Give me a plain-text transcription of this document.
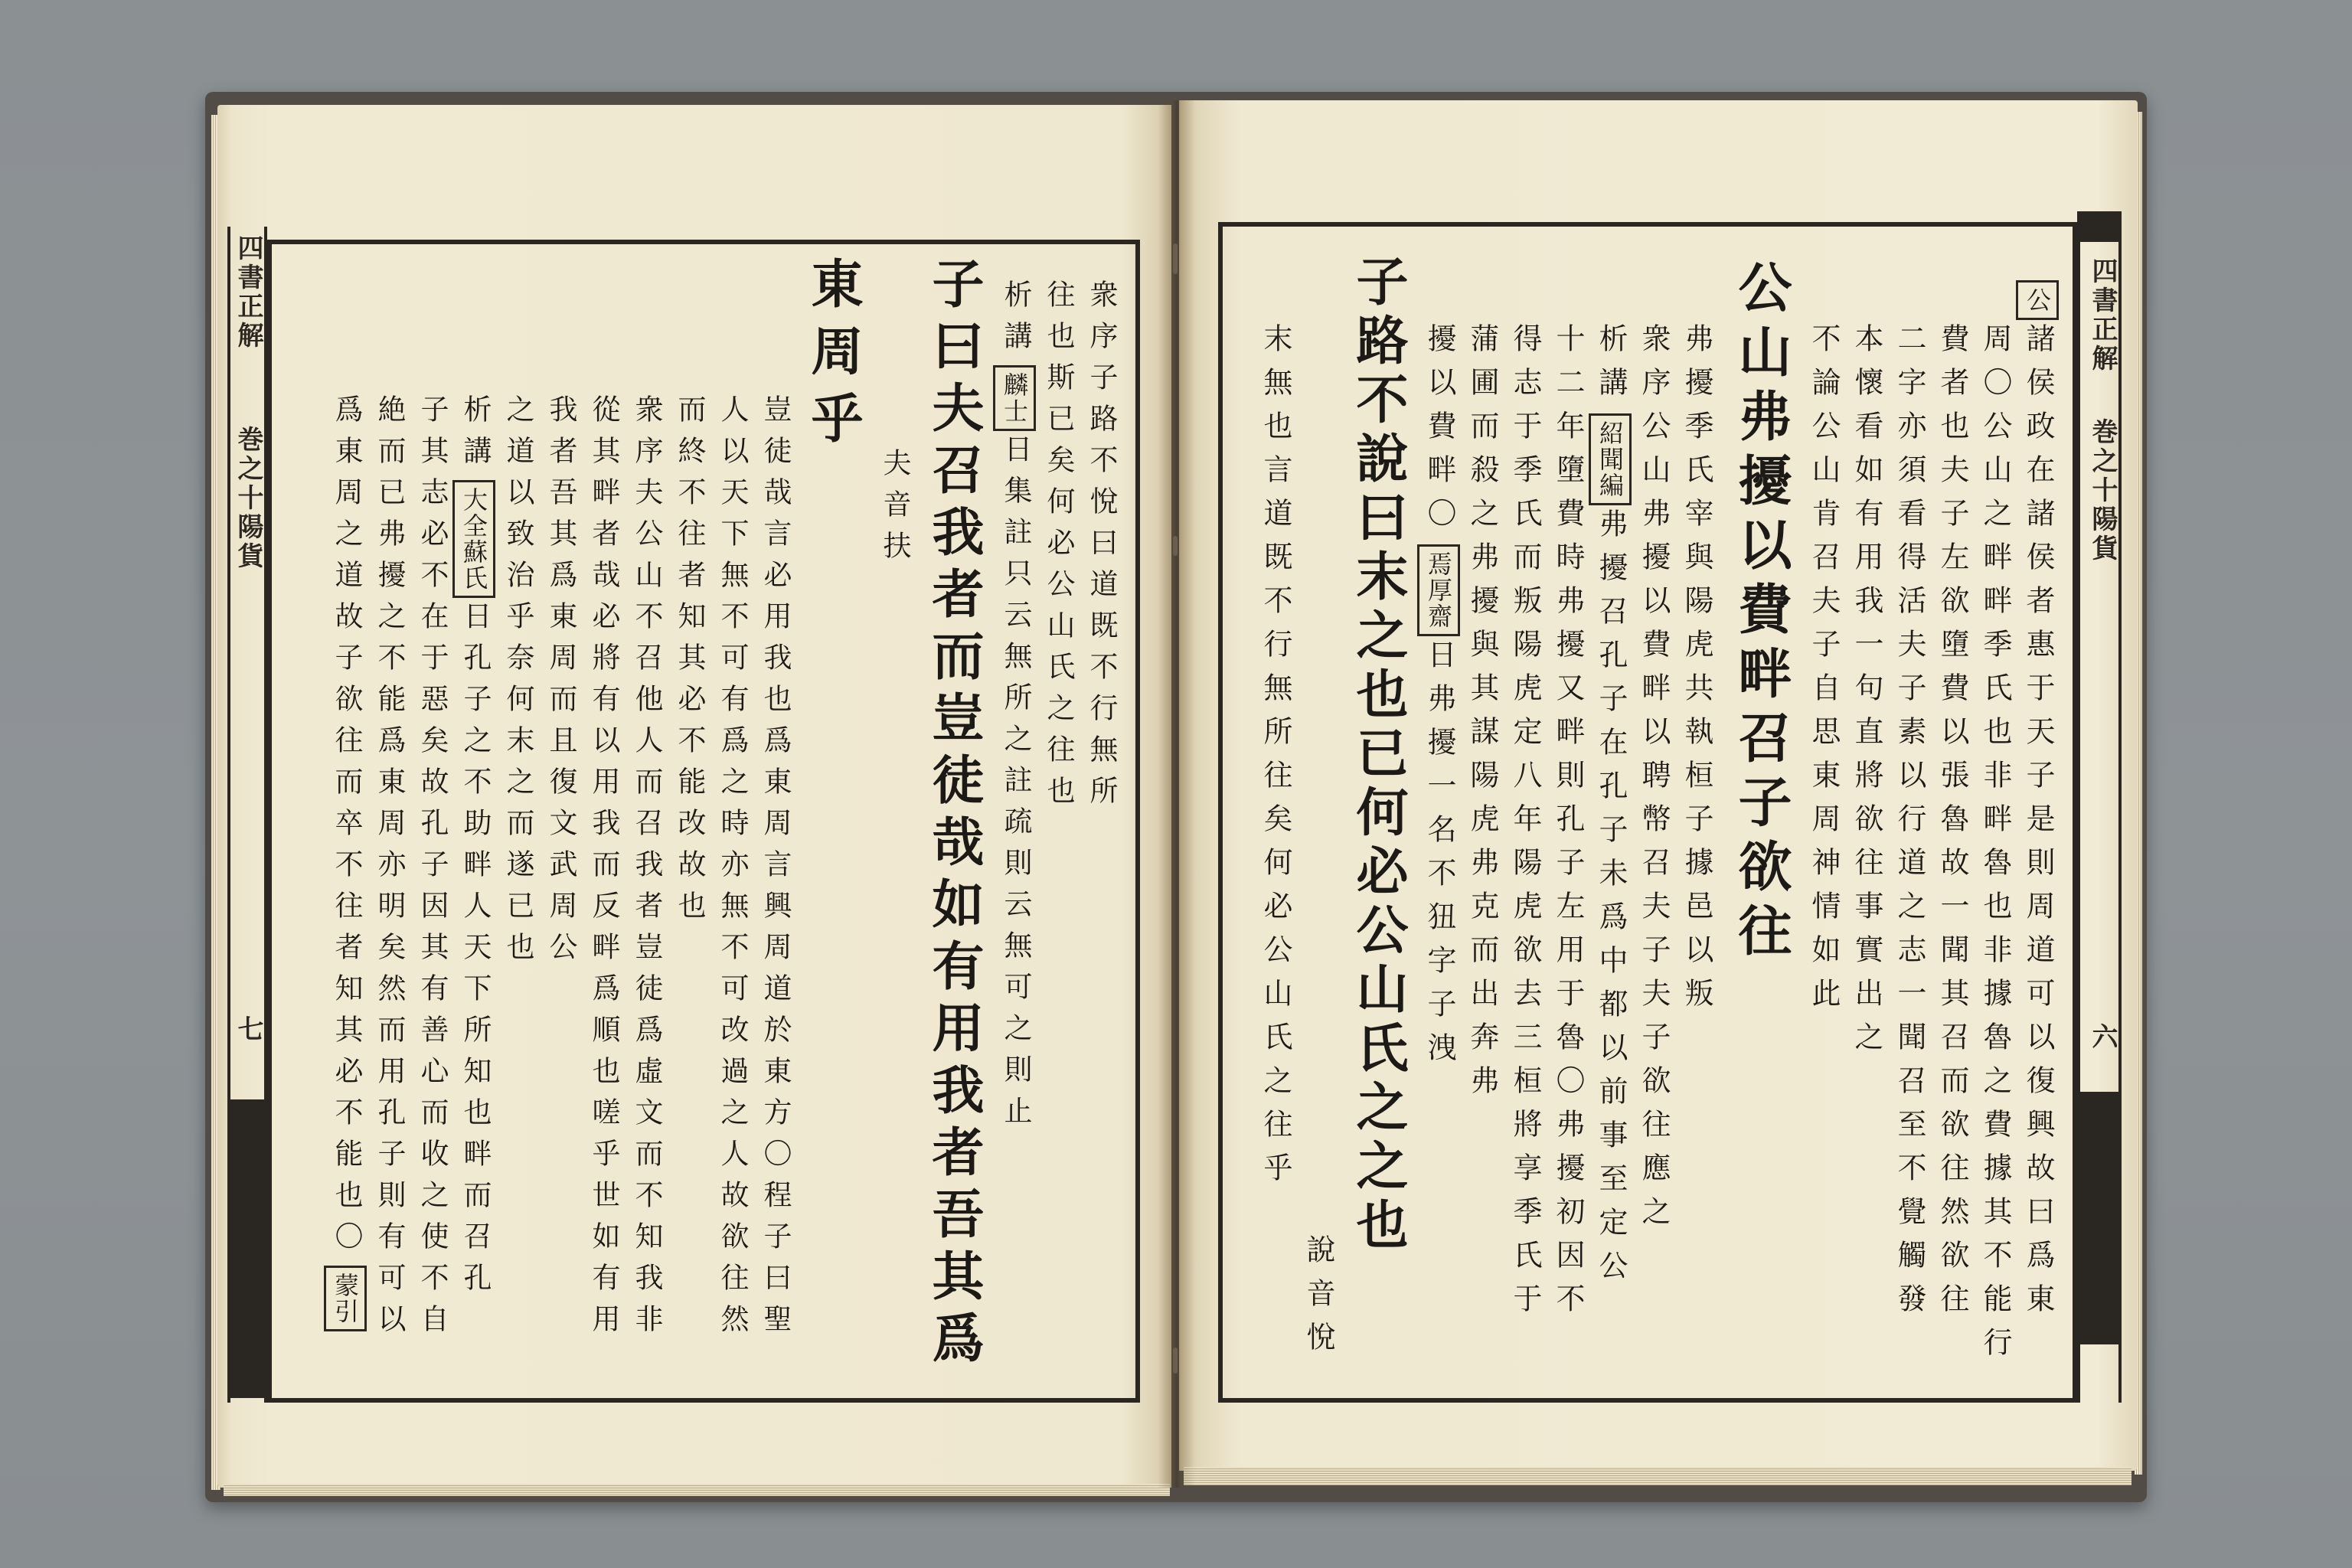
四書正解
巻之十陽貨
七
四書正解
巻之十陽貨
六
公諸侯政在諸侯者惠于天子是則周道可以復興故曰爲東
周〇公山之畔畔季氏也非畔魯也非據魯之費據其不能行
費者也夫子左欲墮費以張魯故一聞其召而欲往然欲往
二字亦須看得活夫子素以行道之志一聞召至不覺觸發
本懷看如有用我一句直將欲往事實出之
不論公山肯召夫子自思東周神情如此
公山弗擾以費畔召子欲往
弗擾季氏宰與陽虎共執桓子據邑以叛
衆序公山弗擾以費畔以聘幣召夫子夫子欲往應之
析講紹聞編弗擾召孔子在孔子未爲中都以前事至定公
十二年墮費時弗擾又畔則孔子左用于魯〇弗擾初因不
得志于季氏而叛陽虎定八年陽虎欲去三桓將享季氏于
蒲圃而殺之弗擾與其謀陽虎弗克而出奔弗
擾以費畔〇焉厚齋日弗擾一名不狃字子洩
子路不說曰末之也已何必公山氏之之也
說音悅
末無也言道既不行無所往矣何必公山氏之往乎
衆序子路不悅曰道既不行無所
往也斯已矣何必公山氏之往也
析講麟士日集註只云無所之註疏則云無可之則止
子曰夫召我者而豈徒哉如有用我者吾其爲
夫音扶
東周乎
豈徒哉言必用我也爲東周言興周道於東方〇程子曰聖
人以天下無不可有爲之時亦無不可改過之人故欲往然
而終不往者知其必不能改故也
衆序夫公山不召他人而召我者豈徒爲虛文而不知我非
從其畔者哉必將有以用我而反畔爲順也嗟乎世如有用
我者吾其爲東周而且復文武周公
之道以致治乎奈何末之而遂已也
析講大全蘇氏日孔子之不助畔人天下所知也畔而召孔
子其志必不在于惡矣故孔子因其有善心而收之使不自
絶而已弗擾之不能爲東周亦明矣然而用孔子則有可以
爲東周之道故子欲往而卒不往者知其必不能也〇蒙引
